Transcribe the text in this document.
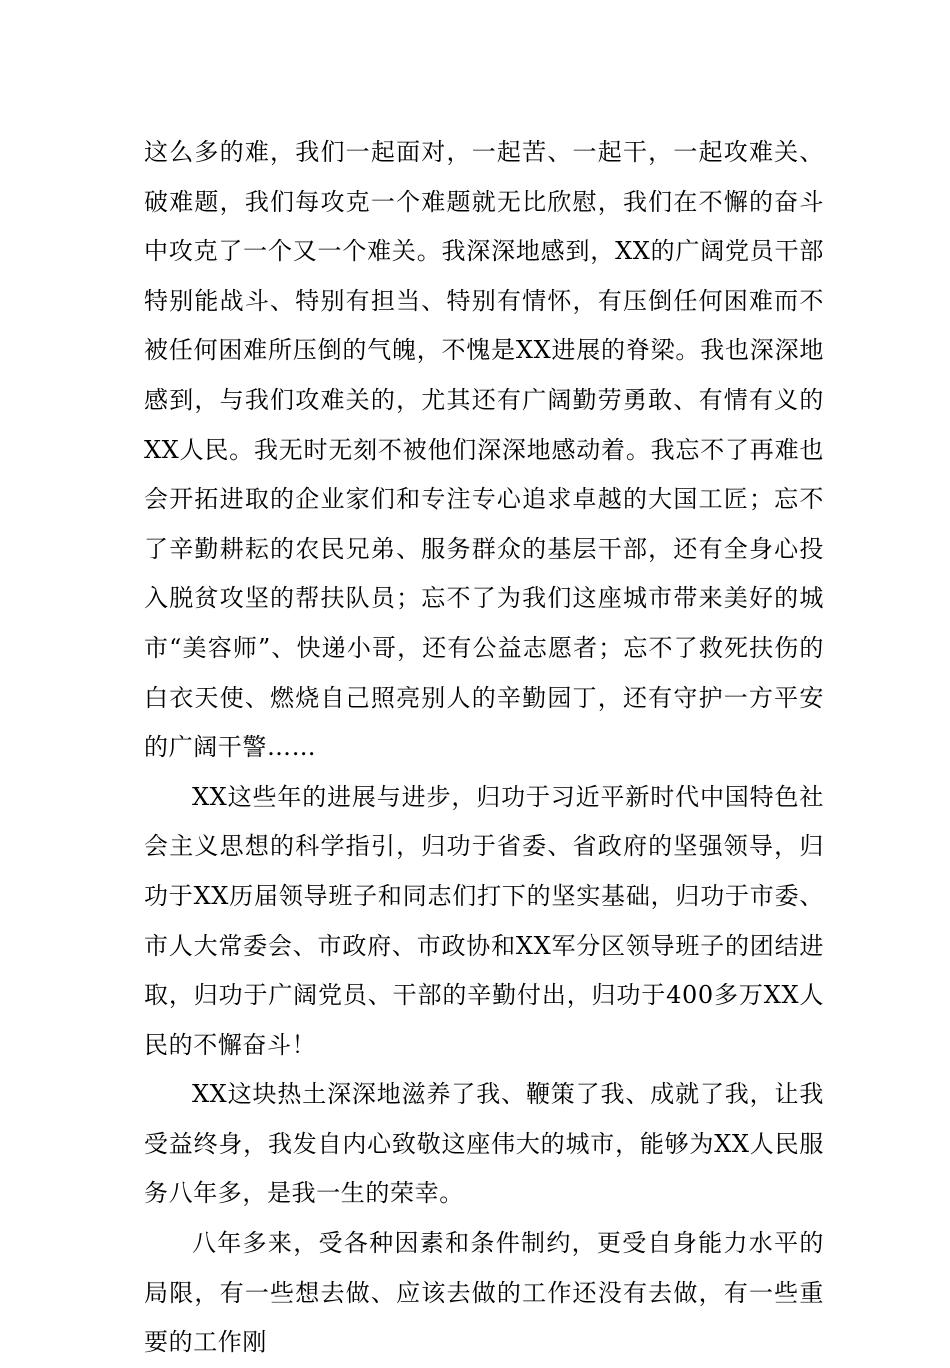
这么多的难，我们一起面对，一起苦、一起干，一起攻难关、破难题，我们每攻克一个难题就无比欣慰，我们在不懈的奋斗中攻克了一个又一个难关。我深深地感到，XX的广阔党员干部特别能战斗、特别有担当、特别有情怀，有压倒任何困难而不被任何困难所压倒的气魄，不愧是XX进展的脊梁。我也深深地感到，与我们攻难关的，尤其还有广阔勤劳勇敢、有情有义的XX人民。我无时无刻不被他们深深地感动着。我忘不了再难也会开拓进取的企业家们和专注专心追求卓越的大国工匠；忘不了辛勤耕耘的农民兄弟、服务群众的基层干部，还有全身心投入脱贫攻坚的帮扶队员；忘不了为我们这座城市带来美好的城市“美容师”、快递小哥，还有公益志愿者；忘不了救死扶伤的白衣天使、燃烧自己照亮别人的辛勤园丁，还有守护一方平安的广阔干警……

XX这些年的进展与进步，归功于习近平新时代中国特色社会主义思想的科学指引，归功于省委、省政府的坚强领导，归功于XX历届领导班子和同志们打下的坚实基础，归功于市委、市人大常委会、市政府、市政协和XX军分区领导班子的团结进取，归功于广阔党员、干部的辛勤付出，归功于400多万XX人民的不懈奋斗！

XX这块热土深深地滋养了我、鞭策了我、成就了我，让我受益终身，我发自内心致敬这座伟大的城市，能够为XX人民服务八年多，是我一生的荣幸。

八年多来，受各种因素和条件制约，更受自身能力水平的局限，有一些想去做、应该去做的工作还没有去做，有一些重要的工作刚
